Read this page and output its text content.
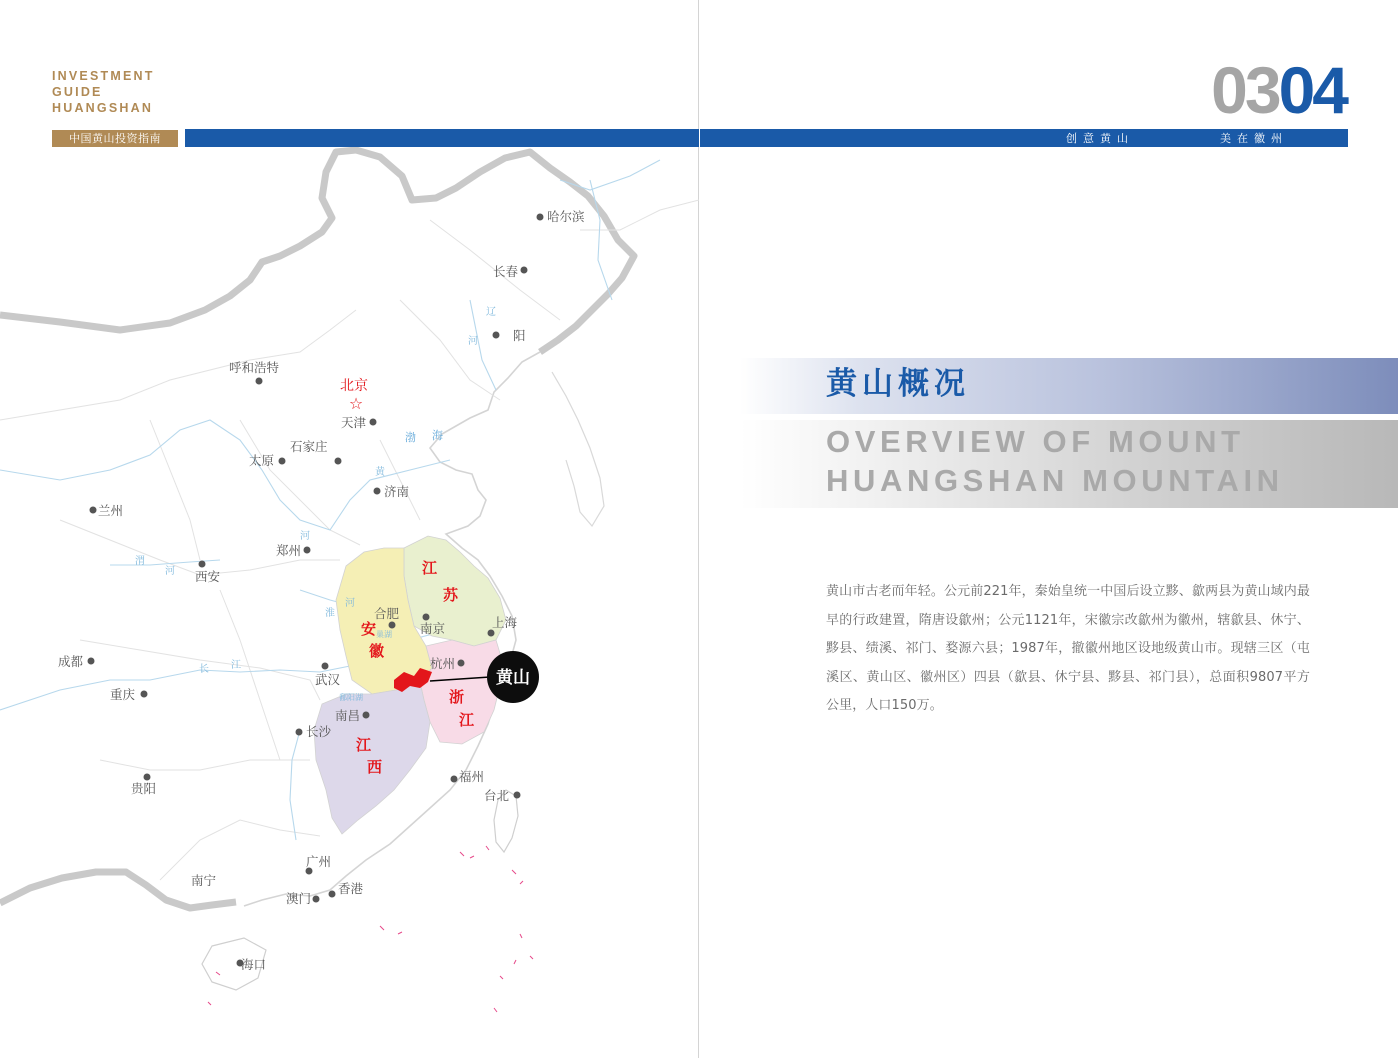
INVESTMENT
GUIDE
HUANGSHAN
中国黄山投资指南
黄山
☆
哈尔滨
长春
阳
呼和浩特
北京
天津
石家庄
太原
济南
兰州
郑州
西安
合肥
南京	上海
杭州
成都
武汉
重庆
南昌
长沙
贵阳
福州
台北
广州
南宁
香港
澳门
海口
江
苏
安
徽
浙
江
江
西
渤 海
黄
河
长 江
淮
河
渭
河
辽
河
巢湖
鄱阳湖
0304
创意黄山	美在徽州
黄山概况
OVERVIEW OF MOUNT
HUANGSHAN MOUNTAIN
黄山市古老而年轻。公元前221年，秦始皇统一中国后设立黟、歙两县为黄山域内最早的行政建置，隋唐设歙州；公元1121年，宋徽宗改歙州为徽州，辖歙县、休宁、黟县、绩溪、祁门、婺源六县；1987年，撤徽州地区设地级黄山市。现辖三区（屯溪区、黄山区、徽州区）四县（歙县、休宁县、黟县、祁门县），总面积9807平方公里，人口150万。
